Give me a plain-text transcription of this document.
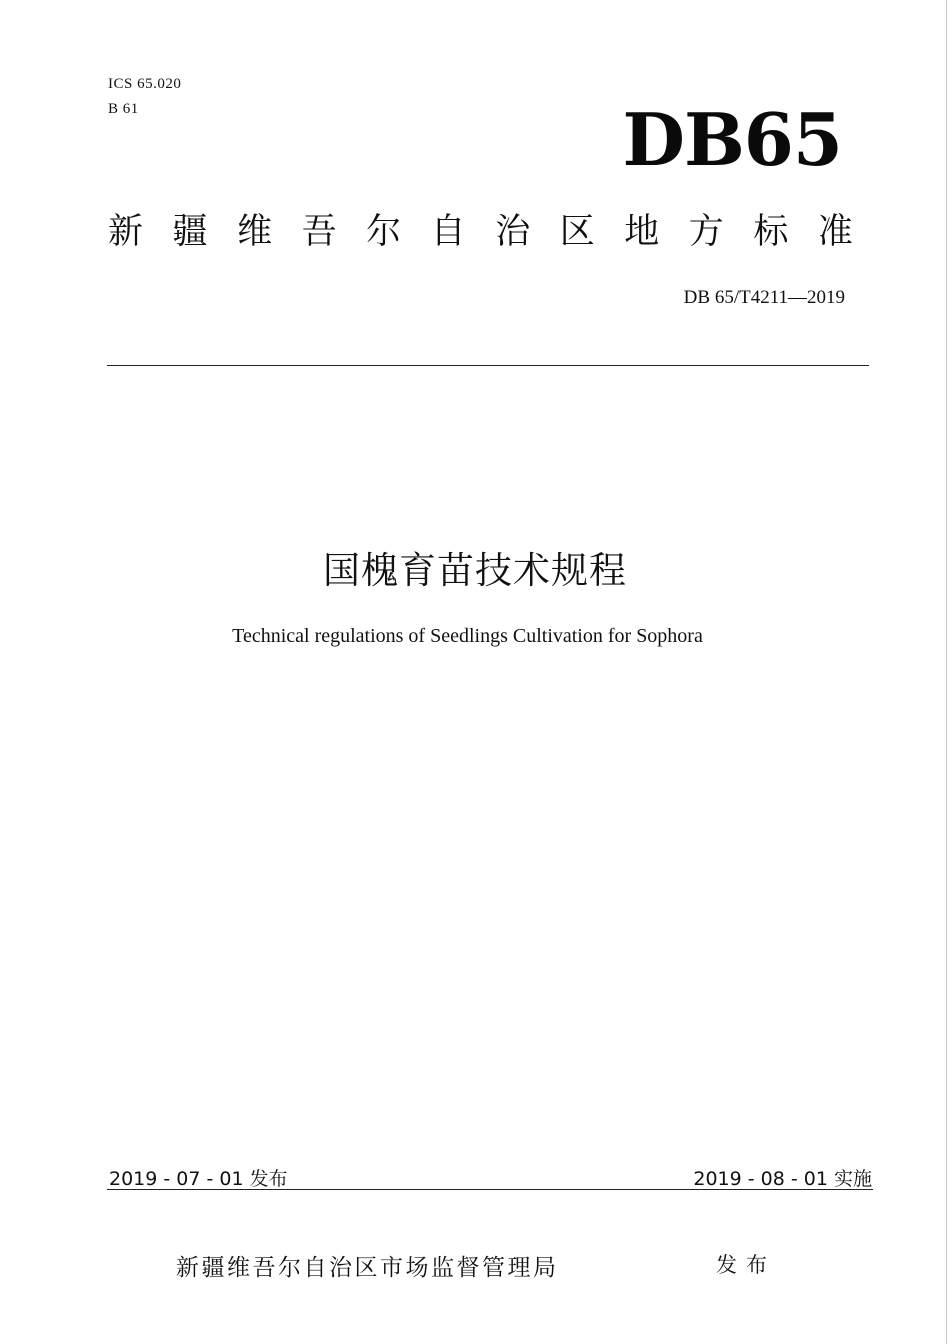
ICS 65.020
B 61	DB65
新 疆 维 吾 尔 自 治 区 地 方 标 准
DB 65/T4211—2019
国槐育苗技术规程
Technical regulations of Seedlings Cultivation for Sophora
2019 - 07 - 01 发布	2019 - 08 - 01 实施
新疆维吾尔自治区市场监督管理局	发布
